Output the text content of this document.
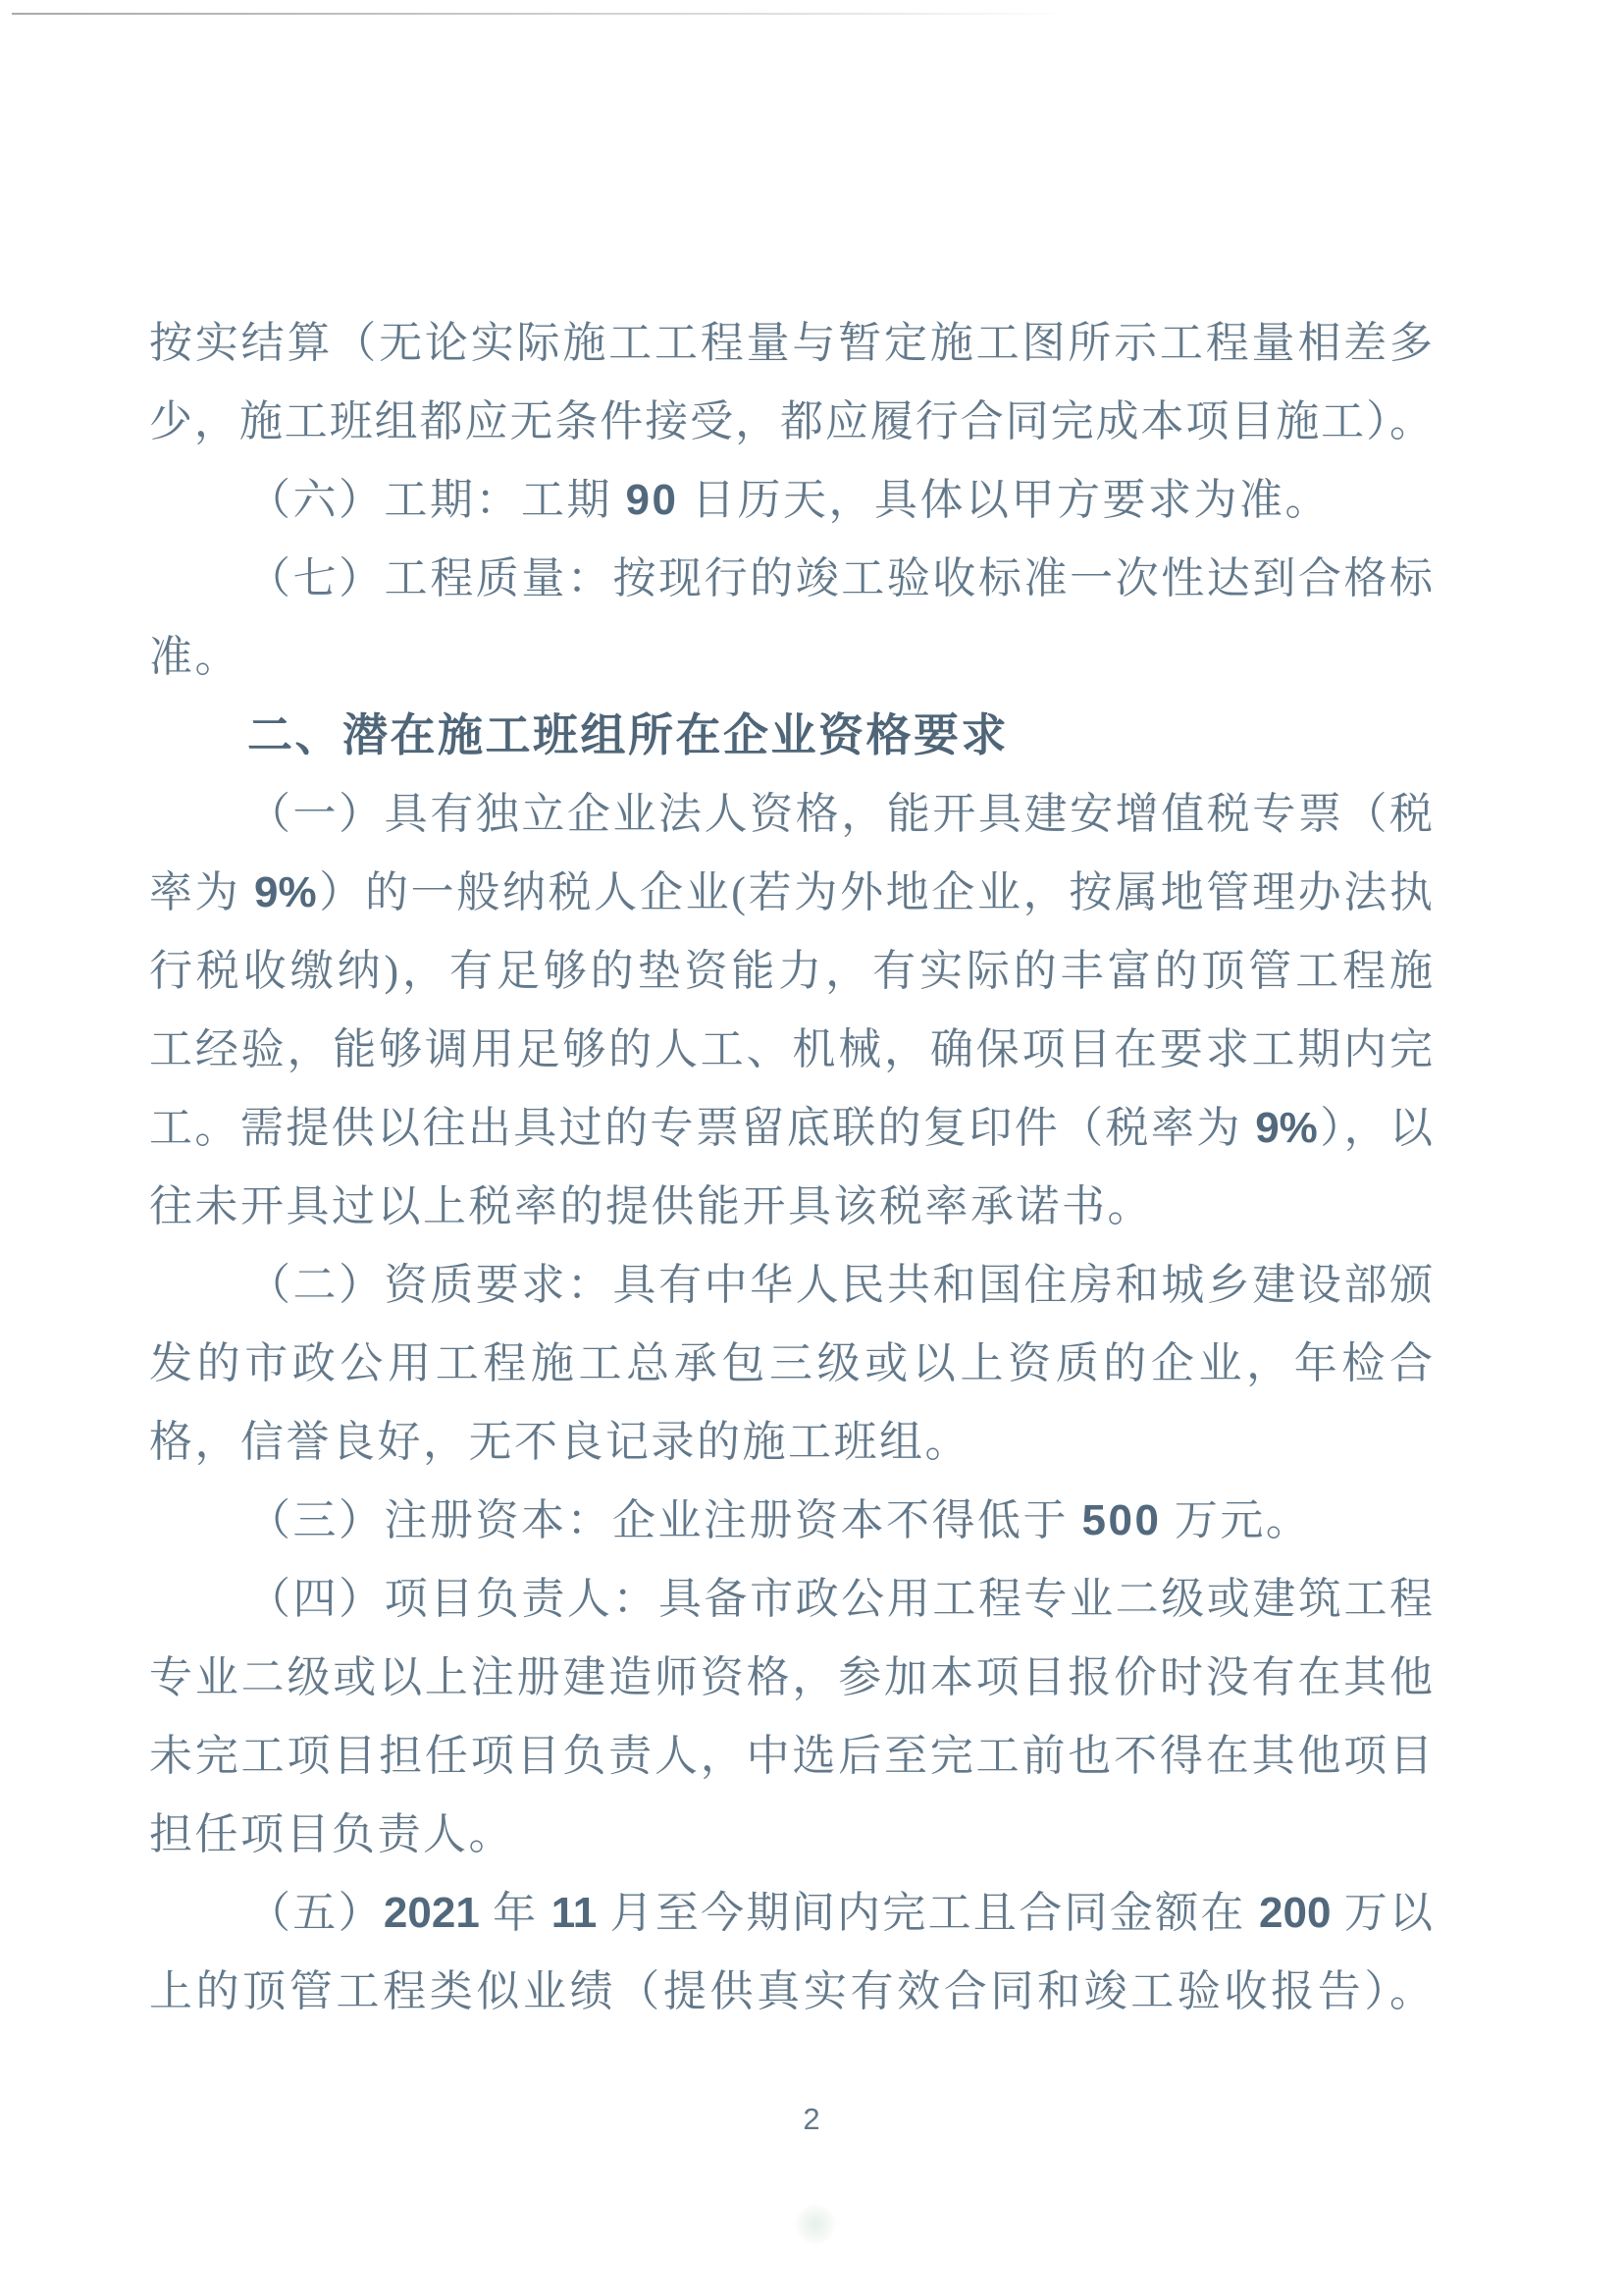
按实结算（无论实际施工工程量与暂定施工图所示工程量相差多
少，施工班组都应无条件接受，都应履行合同完成本项目施工）。
（六）工期：工期 90 日历天，具体以甲方要求为准。
（七）工程质量：按现行的竣工验收标准一次性达到合格标
准。
二、潜在施工班组所在企业资格要求
（一）具有独立企业法人资格，能开具建安增值税专票（税
率为 9%）的一般纳税人企业(若为外地企业，按属地管理办法执
行税收缴纳)，有足够的垫资能力，有实际的丰富的顶管工程施
工经验，能够调用足够的人工、机械，确保项目在要求工期内完
工。需提供以往出具过的专票留底联的复印件（税率为 9%），以
往未开具过以上税率的提供能开具该税率承诺书。
（二）资质要求：具有中华人民共和国住房和城乡建设部颁
发的市政公用工程施工总承包三级或以上资质的企业，年检合
格，信誉良好，无不良记录的施工班组。
（三）注册资本：企业注册资本不得低于 500 万元。
（四）项目负责人：具备市政公用工程专业二级或建筑工程
专业二级或以上注册建造师资格，参加本项目报价时没有在其他
未完工项目担任项目负责人，中选后至完工前也不得在其他项目
担任项目负责人。
（五）2021 年 11 月至今期间内完工且合同金额在 200 万以
上的顶管工程类似业绩（提供真实有效合同和竣工验收报告）。
2
